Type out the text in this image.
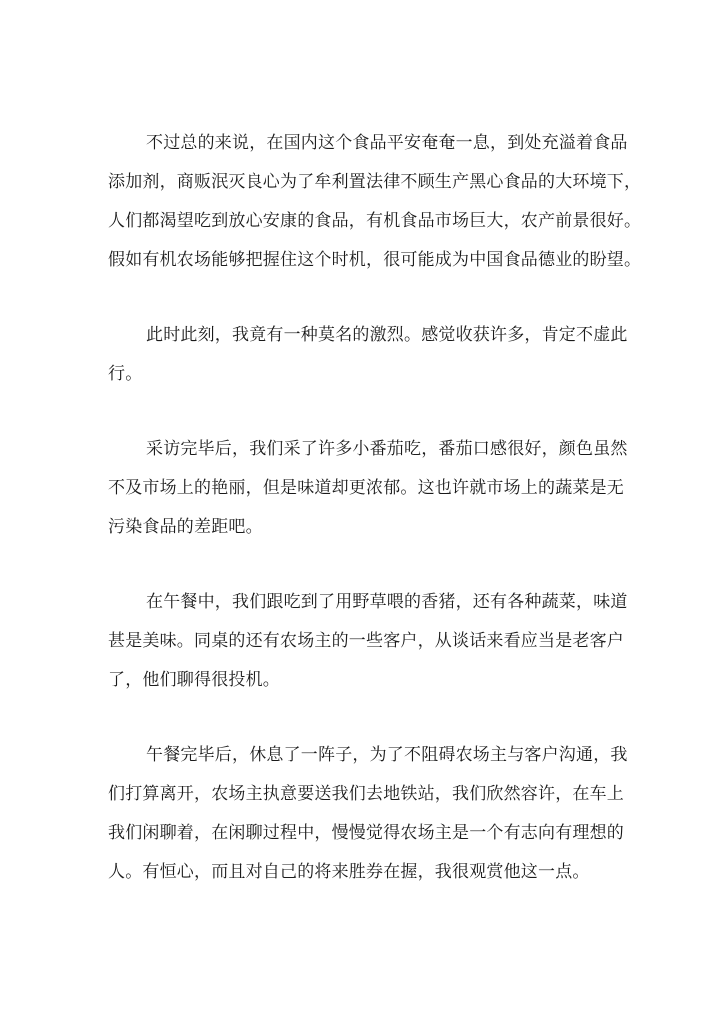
不过总的来说，在国内这个食品平安奄奄一息，到处充溢着食品
添加剂，商贩泯灭良心为了牟利置法律不顾生产黑心食品的大环境下，
人们都渴望吃到放心安康的食品，有机食品市场巨大，农产前景很好。
假如有机农场能够把握住这个时机，很可能成为中国食品德业的盼望。
此时此刻，我竟有一种莫名的激烈。感觉收获许多，肯定不虚此
行。
采访完毕后，我们采了许多小番茄吃，番茄口感很好，颜色虽然
不及市场上的艳丽，但是味道却更浓郁。这也许就市场上的蔬菜是无
污染食品的差距吧。
在午餐中，我们跟吃到了用野草喂的香猪，还有各种蔬菜，味道
甚是美味。同桌的还有农场主的一些客户，从谈话来看应当是老客户
了，他们聊得很投机。
午餐完毕后，休息了一阵子，为了不阻碍农场主与客户沟通，我
们打算离开，农场主执意要送我们去地铁站，我们欣然容许，在车上
我们闲聊着，在闲聊过程中，慢慢觉得农场主是一个有志向有理想的
人。有恒心，而且对自己的将来胜券在握，我很观赏他这一点。
